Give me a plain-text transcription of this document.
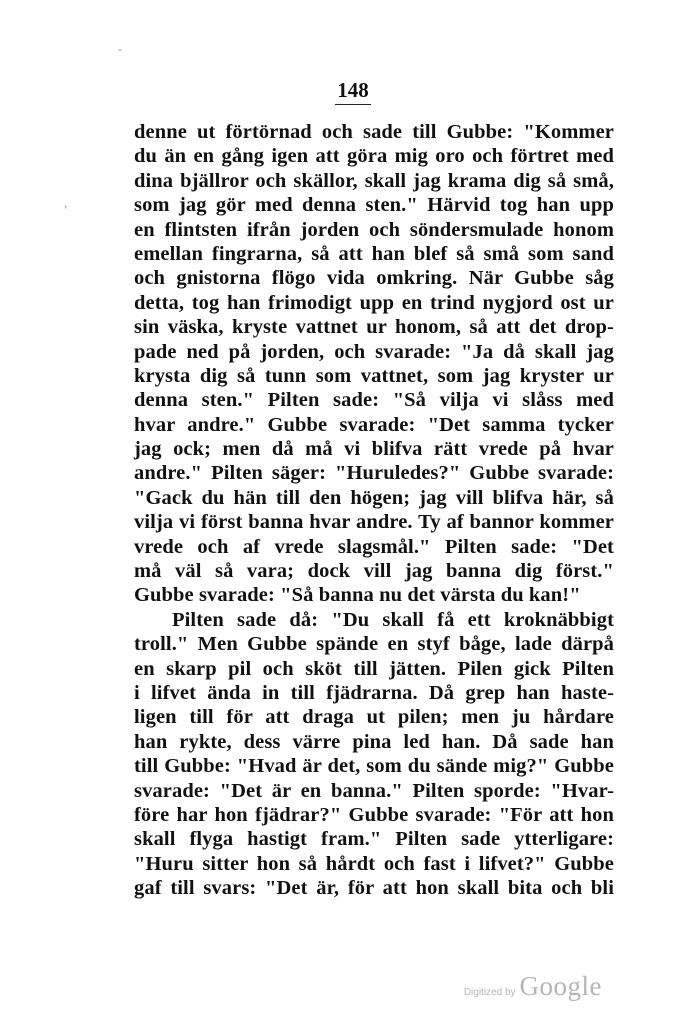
148
-
,
denne ut förtörnad och sade till Gubbe: "Kommer
du än en gång igen att göra mig oro och förtret med
dina bjällror och skällor, skall jag krama dig så små,
som jag gör med denna sten." Härvid tog han upp
en flintsten ifrån jorden och söndersmulade honom
emellan fingrarna, så att han blef så små som sand
och gnistorna flögo vida omkring. När Gubbe såg
detta, tog han frimodigt upp en trind nygjord ost ur
sin väska, kryste vattnet ur honom, så att det drop-
pade ned på jorden, och svarade: "Ja då skall jag
krysta dig så tunn som vattnet, som jag kryster ur
denna sten." Pilten sade: "Så vilja vi slåss med
hvar andre." Gubbe svarade: "Det samma tycker
jag ock; men då må vi blifva rätt vrede på hvar
andre." Pilten säger: "Huruledes?" Gubbe svarade:
"Gack du hän till den högen; jag vill blifva här, så
vilja vi först banna hvar andre. Ty af bannor kommer
vrede och af vrede slagsmål." Pilten sade: "Det
må väl så vara; dock vill jag banna dig först."
Gubbe svarade: "Så banna nu det värsta du kan!"
Pilten sade då: "Du skall få ett kroknäbbigt
troll." Men Gubbe spände en styf båge, lade därpå
en skarp pil och sköt till jätten. Pilen gick Pilten
i lifvet ända in till fjädrarna. Då grep han haste-
ligen till för att draga ut pilen; men ju hårdare
han rykte, dess värre pina led han. Då sade han
till Gubbe: "Hvad är det, som du sände mig?" Gubbe
svarade: "Det är en banna." Pilten sporde: "Hvar-
före har hon fjädrar?" Gubbe svarade: "För att hon
skall flyga hastigt fram." Pilten sade ytterligare:
"Huru sitter hon så hårdt och fast i lifvet?" Gubbe
gaf till svars: "Det är, för att hon skall bita och bli
Digitized by Google
